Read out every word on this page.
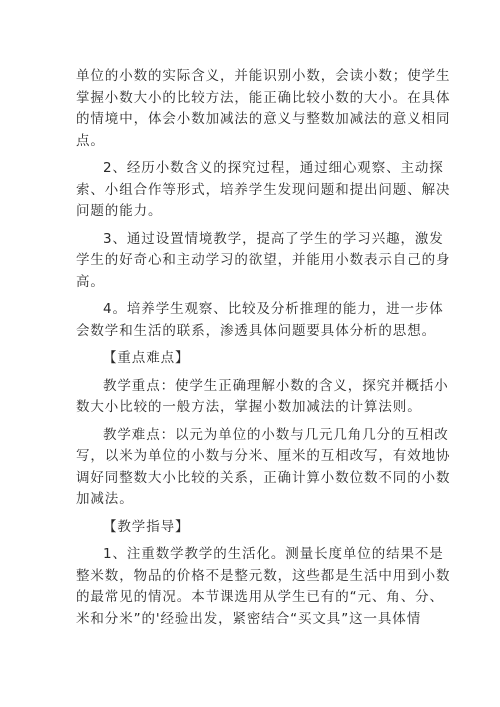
单位的小数的实际含义，并能识别小数，会读小数；使学生
掌握小数大小的比较方法，能正确比较小数的大小。在具体
的情境中，体会小数加减法的意义与整数加减法的意义相同
点。
2、经历小数含义的探究过程，通过细心观察、主动探
索、小组合作等形式，培养学生发现问题和提出问题、解决
问题的能力。
3、通过设置情境教学，提高了学生的学习兴趣，激发
学生的好奇心和主动学习的欲望，并能用小数表示自己的身
高。
4。培养学生观察、比较及分析推理的能力，进一步体
会数学和生活的联系，渗透具体问题要具体分析的思想。
【重点难点】
教学重点：使学生正确理解小数的含义，探究并概括小
数大小比较的一般方法，掌握小数加减法的计算法则。
教学难点：以元为单位的小数与几元几角几分的互相改
写，以米为单位的小数与分米、厘米的互相改写，有效地协
调好同整数大小比较的关系，正确计算小数位数不同的小数
加减法。
【教学指导】
1、注重数学教学的生活化。测量长度单位的结果不是
整米数，物品的价格不是整元数，这些都是生活中用到小数
的最常见的情况。本节课选用从学生已有的“元、角、分、
米和分米”的'经验出发，紧密结合“买文具”这一具体情
